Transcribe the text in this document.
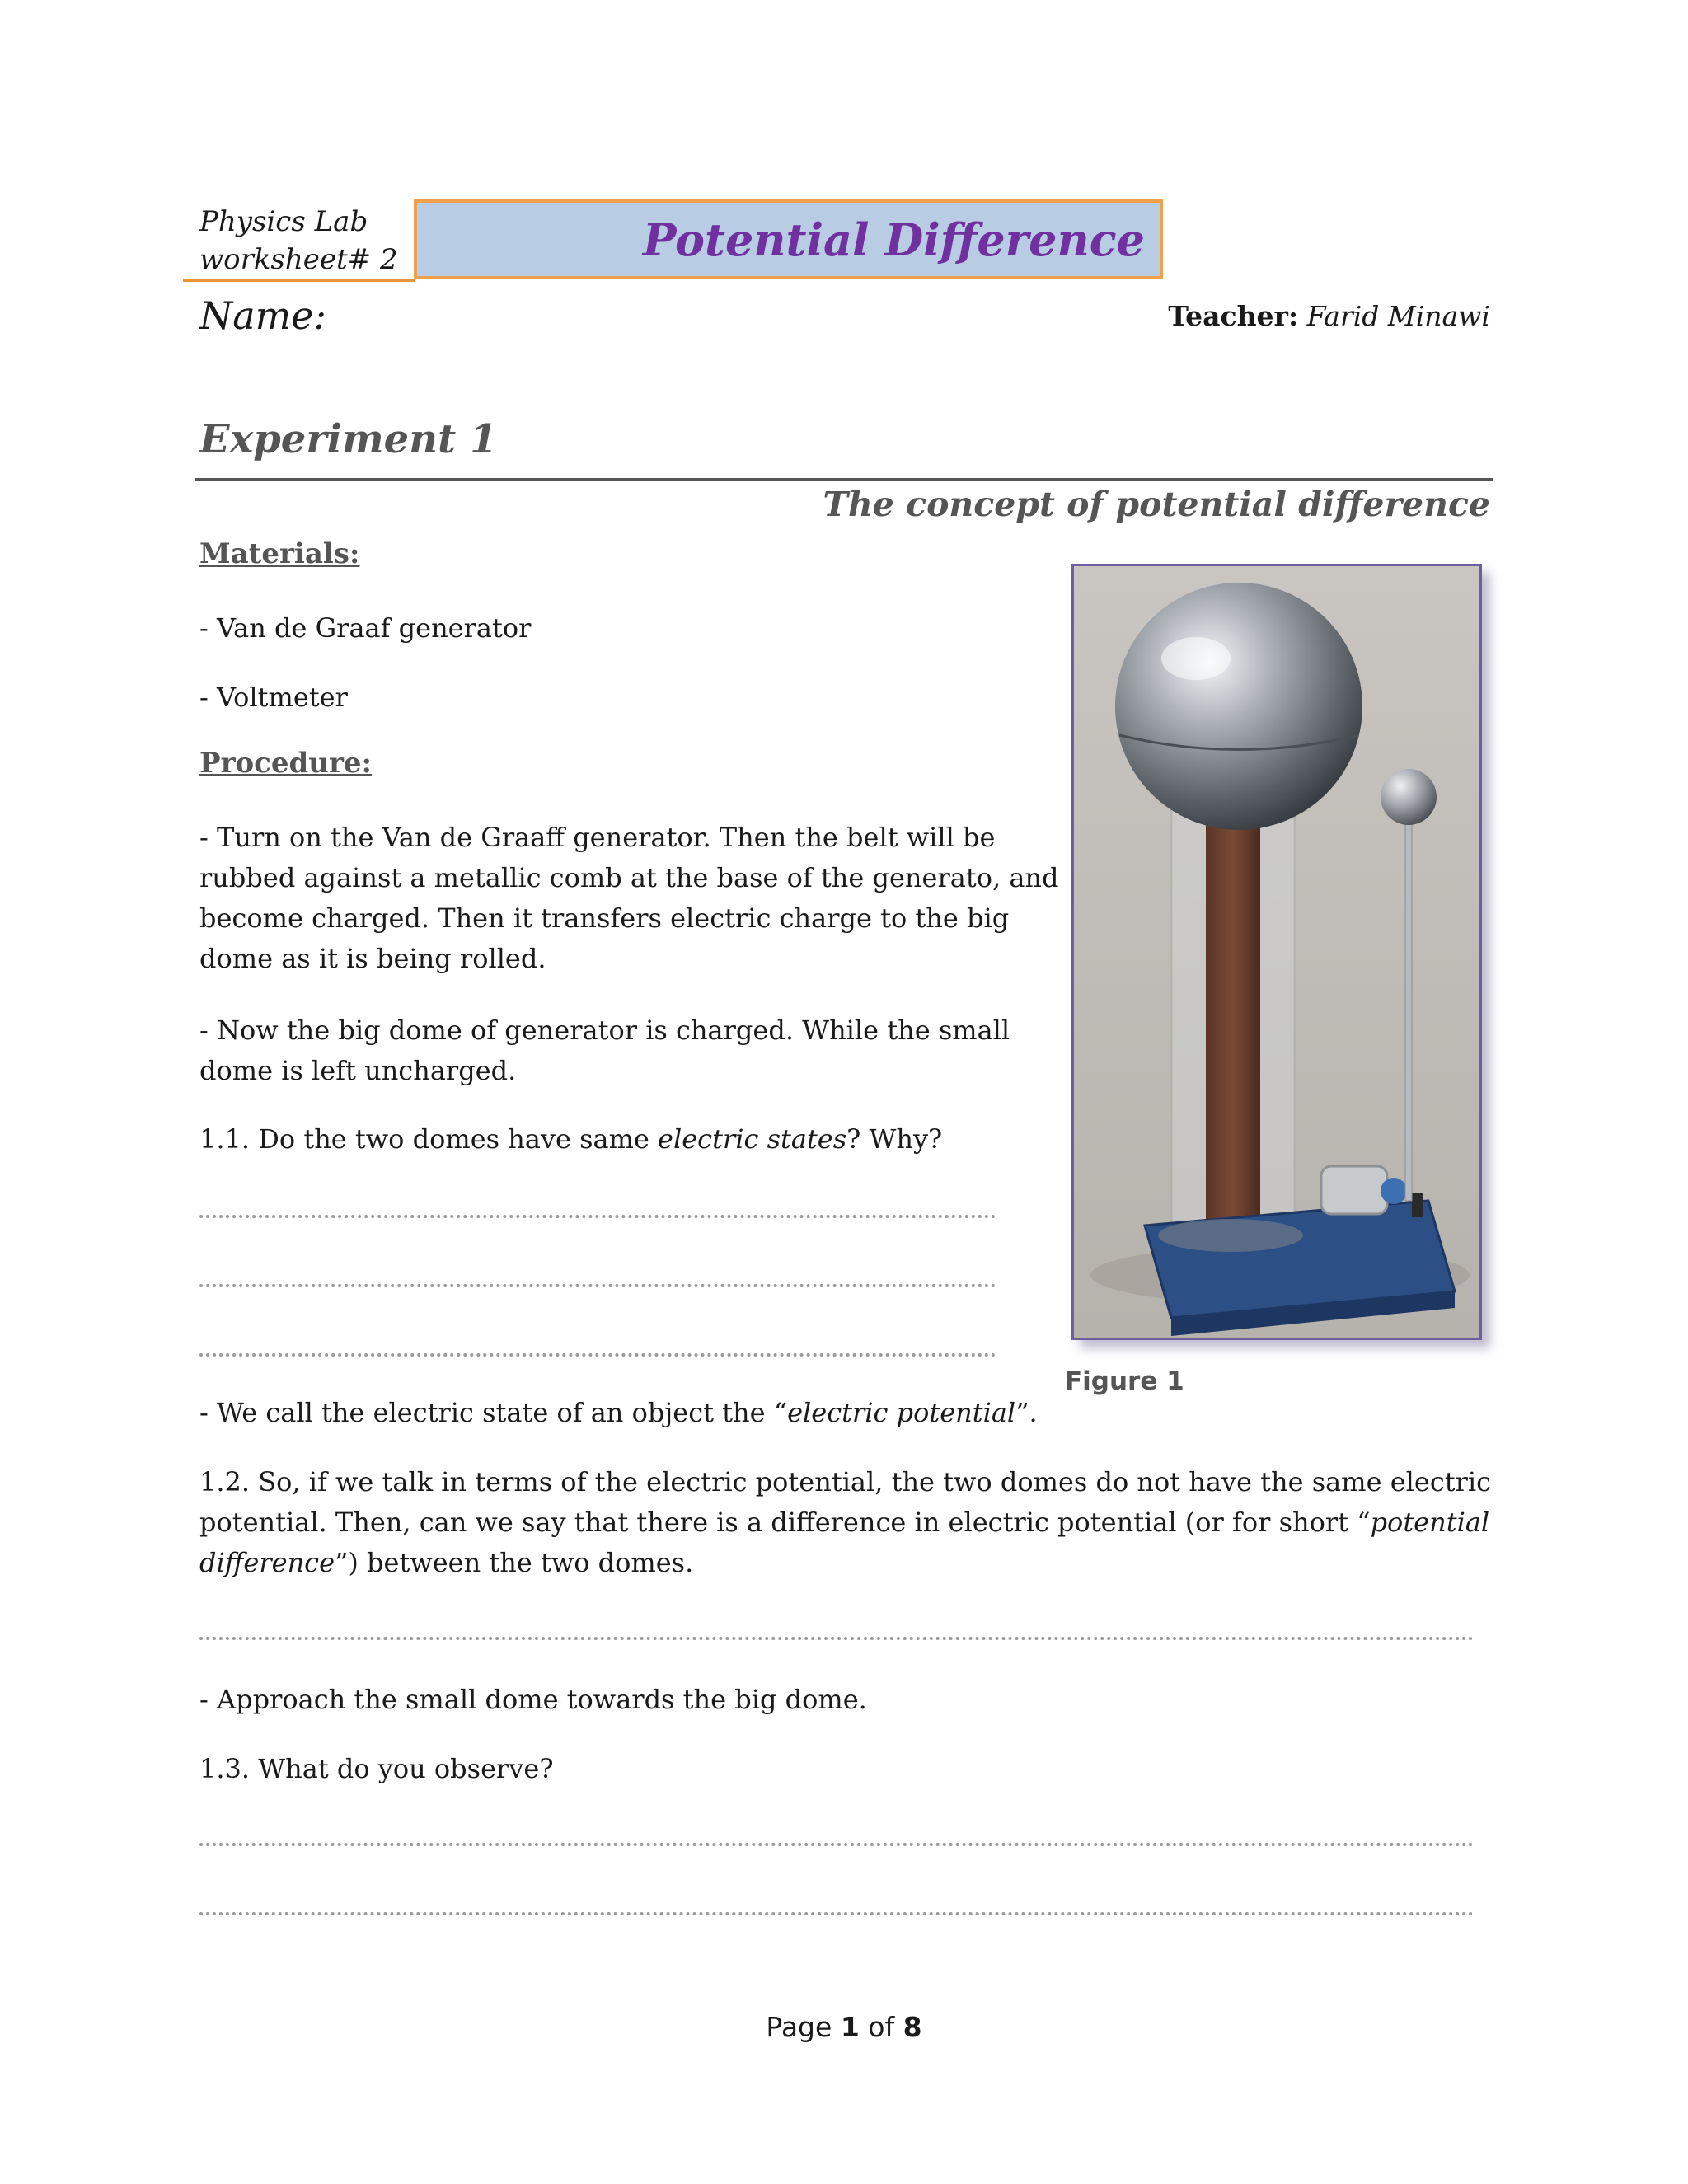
Physics Lab
worksheet# 2	Potential Difference
Name:	Teacher: Farid Minawi
Experiment 1
The concept of potential difference
Materials:
- Van de Graaf generator
- Voltmeter
Procedure:
- Turn on the Van de Graaff generator. Then the belt will be
rubbed against a metallic comb at the base of the generato, and
become charged. Then it transfers electric charge to the big
dome as it is being rolled.
- Now the big dome of generator is charged. While the small
dome is left uncharged.
1.1. Do the two domes have same electric states? Why?
- We call the electric state of an object the “electric potential”.
1.2. So, if we talk in terms of the electric potential, the two domes do not have the same electric
potential. Then, can we say that there is a difference in electric potential (or for short “potential
difference”) between the two domes.
- Approach the small dome towards the big dome.
1.3. What do you observe?
Figure 1
Page 1 of 8
